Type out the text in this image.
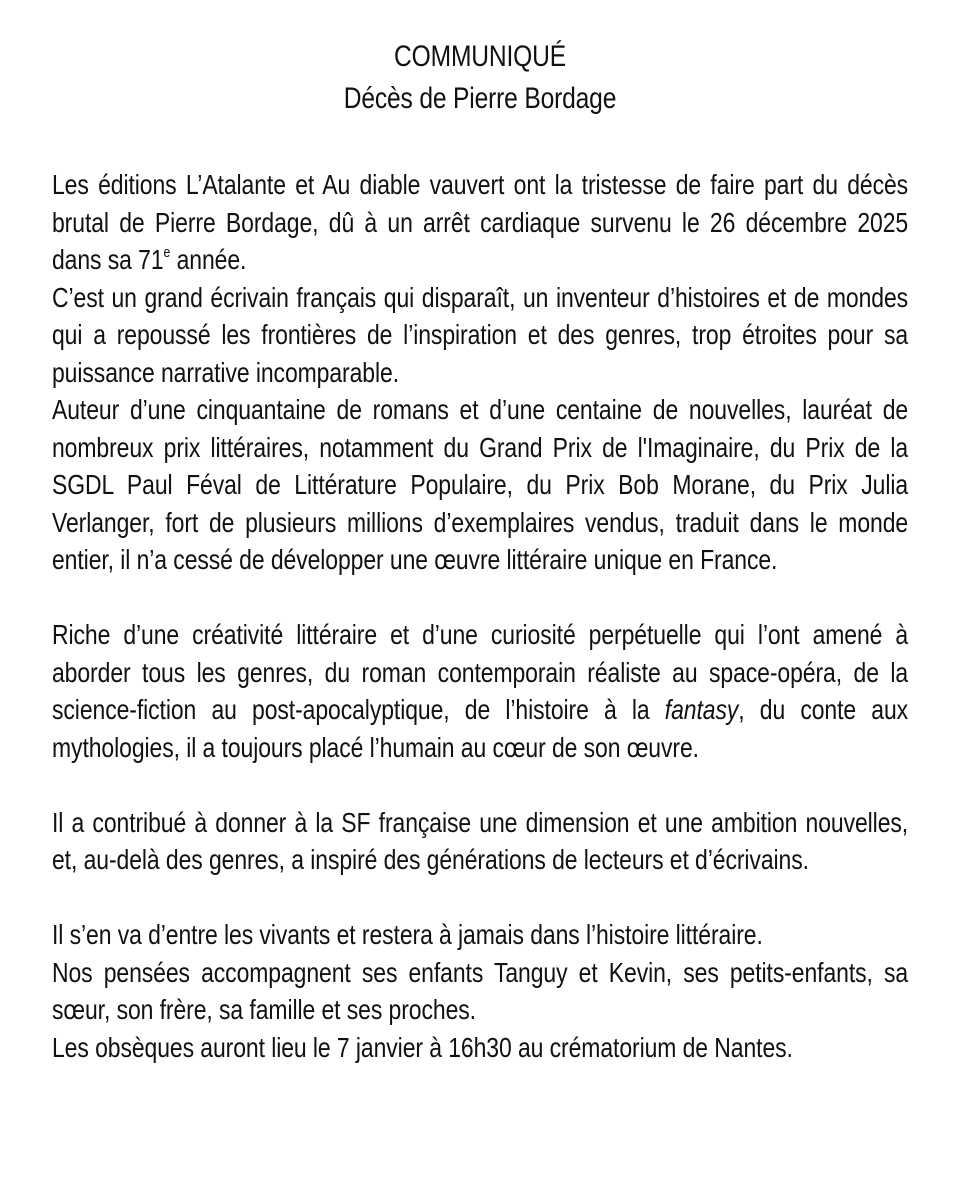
COMMUNIQUÉ
Décès de Pierre Bordage

Les éditions L’Atalante et Au diable vauvert ont la tristesse de faire part du décès brutal de Pierre Bordage, dû à un arrêt cardiaque survenu le 26 décembre 2025 dans sa 71e année.

C’est un grand écrivain français qui disparaît, un inventeur d’histoires et de mondes qui a repoussé les frontières de l’inspiration et des genres, trop étroites pour sa puissance narrative incomparable.

Auteur d’une cinquantaine de romans et d’une centaine de nouvelles, lauréat de nombreux prix littéraires, notamment du Grand Prix de l'Imaginaire, du Prix de la SGDL Paul Féval de Littérature Populaire, du Prix Bob Morane, du Prix Julia Verlanger, fort de plusieurs millions d’exemplaires vendus, traduit dans le monde entier, il n’a cessé de développer une œuvre littéraire unique en France.

Riche d’une créativité littéraire et d’une curiosité perpétuelle qui l’ont amené à aborder tous les genres, du roman contemporain réaliste au space-opéra, de la science-fiction au post-apocalyptique, de l’histoire à la fantasy, du conte aux mythologies, il a toujours placé l’humain au cœur de son œuvre.

Il a contribué à donner à la SF française une dimension et une ambition nouvelles, et, au-delà des genres, a inspiré des générations de lecteurs et d’écrivains.

Il s’en va d’entre les vivants et restera à jamais dans l’histoire littéraire.

Nos pensées accompagnent ses enfants Tanguy et Kevin, ses petits-enfants, sa sœur, son frère, sa famille et ses proches.

Les obsèques auront lieu le 7 janvier à 16h30 au crématorium de Nantes.
